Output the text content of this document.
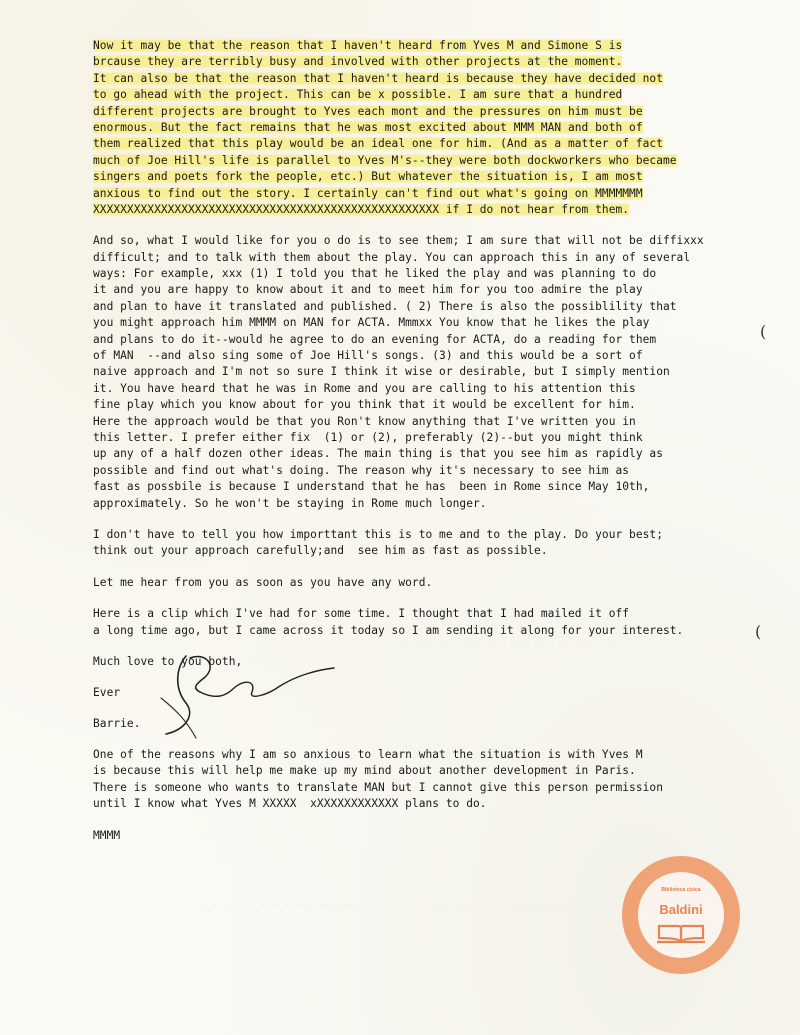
Now it may be that the reason that I haven't heard from Yves M and Simone S is
brcause they are terribly busy and involved with other projects at the moment.
It can also be that the reason that I haven't heard is because they have decided not
to go ahead with the project. This can be x possible. I am sure that a hundred
different projects are brought to Yves each mont and the pressures on him must be
enormous. But the fact remains that he was most excited about MMM MAN and both of
them realized that this play would be an ideal one for him. (And as a matter of fact
much of Joe Hill's life is parallel to Yves M's--they were both dockworkers who became
singers and poets fork the people, etc.) But whatever the situation is, I am most
anxious to find out the story. I certainly can't find out what's going on MMMMMMM
XXXXXXXXXXXXXXXXXXXXXXXXXXXXXXXXXXXXXXXXXXXXXXXXXXX if I do not hear from them.
And so, what I would like for you o do is to see them; I am sure that will not be diffixxx
difficult; and to talk with them about the play. You can approach this in any of several
ways: For example, xxx (1) I told you that he liked the play and was planning to do
it and you are happy to know about it and to meet him for you too admire the play
and plan to have it translated and published. ( 2) There is also the possiblility that
you might approach him MMMM on MAN for ACTA. Mmmxx You know that he likes the play
and plans to do it--would he agree to do an evening for ACTA, do a reading for them
of MAN  --and also sing some of Joe Hill's songs. (3) and this would be a sort of
naive approach and I'm not so sure I think it wise or desirable, but I simply mention
it. You have heard that he was in Rome and you are calling to his attention this
fine play which you know about for you think that it would be excellent for him.
Here the approach would be that you Ron't know anything that I've written you in
this letter. I prefer either fix  (1) or (2), preferably (2)--but you might think
up any of a half dozen other ideas. The main thing is that you see him as rapidly as
possible and find out what's doing. The reason why it's necessary to see him as
fast as possbile is because I understand that he has  been in Rome since May 10th,
approximately. So he won't be staying in Rome much longer.
I don't have to tell you how importtant this is to me and to the play. Do your best;
think out your approach carefully;and  see him as fast as possible.
Let me hear from you as soon as you have any word.
Here is a clip which I've had for some time. I thought that I had mailed it off
a long time ago, but I came across it today so I am sending it along for your interest.
Much love to you both,
Ever
Barrie.
One of the reasons why I am so anxious to learn what the situation is with Yves M
is because this will help me make up my mind about another development in Paris.
There is someone who wants to translate MAN but I cannot give this person permission
until I know what Yves M XXXXX  xXXXXXXXXXXXX plans to do.
MMMM
(
(
- - - - - - - - - - - - - - - - - - - - - - - - -
- - - - - - - - - - - - - - - - - - - - - - - - - - - - - - -
Biblioteca civica
Baldini
